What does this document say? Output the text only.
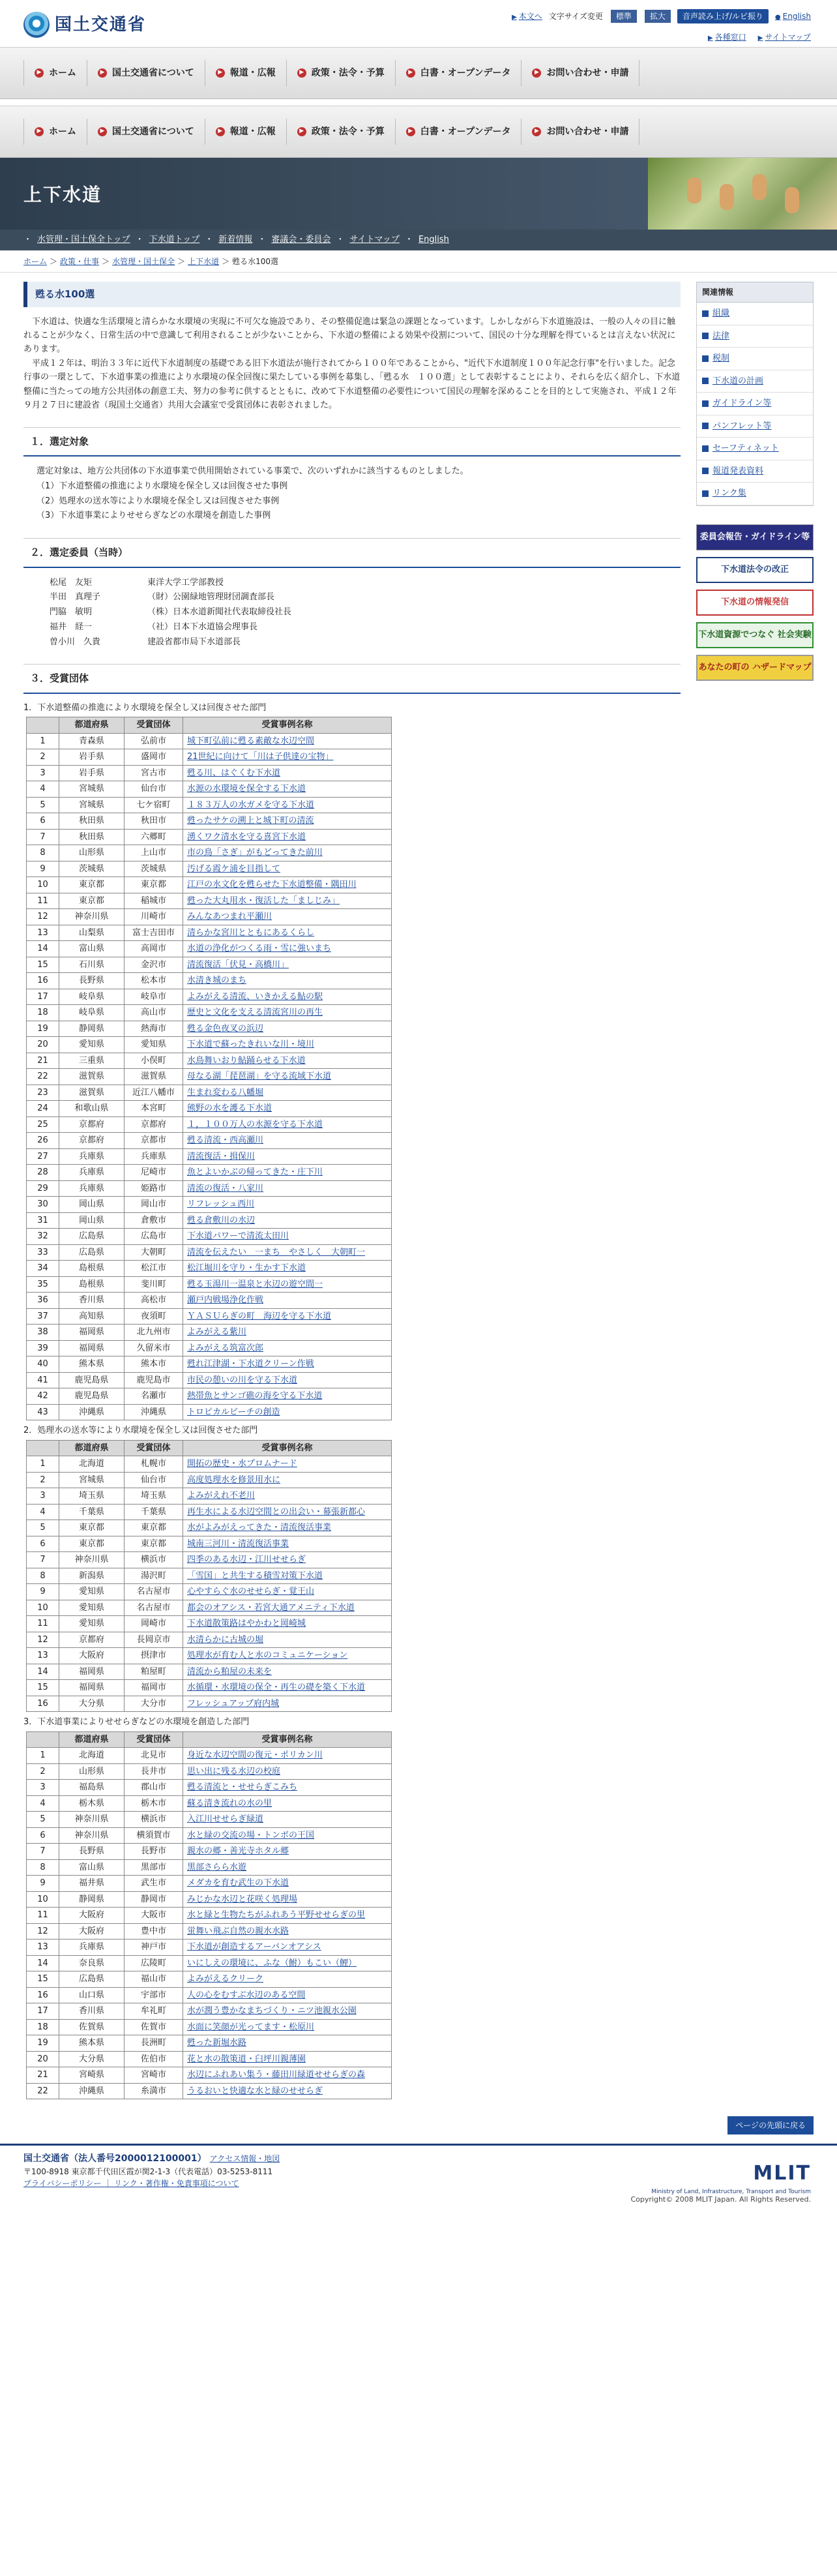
国土交通省	▶ 本文へ 文字サイズ変更	標準	拡大	音声読み上げ/ルビ振り	● English
▶ 各種窓口 ▶ サイトマップ
▶ ホーム	▶ 国土交通省について	▶ 報道・広報	▶ 政策・法令・予算	▶ 白書・オープンデータ	▶ お問い合わせ・申請
▶ ホーム	▶ 国土交通省について	▶ 報道・広報	▶ 政策・法令・予算	▶ 白書・オープンデータ	▶ お問い合わせ・申請
上下水道
・ 水管理・国土保全トップ ・ 下水道トップ ・ 新着情報 ・ 審議会・委員会 ・ サイトマップ ・ English
ホーム ＞ 政策・仕事 ＞ 水管理・国土保全 ＞ 上下水道 ＞ 甦る水100選
甦る水100選

下水道は、快適な生活環境と清らかな水環境の実現に不可欠な施設であり、その整備促進は緊急の課題となっています。しかしながら下水道施設は、一般の人々の目に触れることが少なく、日常生活の中で意識して利用されることが少ないことから、下水道の整備による効果や役割について、国民の十分な理解を得ているとは言えない状況にあります。

平成１２年は、明治３３年に近代下水道制度の基礎である旧下水道法が施行されてから１００年であることから、"近代下水道制度１００年記念行事"を行いました。記念行事の一環として、下水道事業の推進により水環境の保全回復に果たしている事例を募集し、「甦る水　１００選」として表彰することにより、それらを広く紹介し、下水道整備に当たっての地方公共団体の創意工夫、努力の参考に供するとともに、改めて下水道整備の必要性について国民の理解を深めることを目的として実施され、平成１２年９月２７日に建設省（現国土交通省）共用大会議室で受賞団体に表彰されました。

１．選定対象
選定対象は、地方公共団体の下水道事業で供用開始されている事業で、次のいずれかに該当するものとしました。
（1）下水道整備の推進により水環境を保全し又は回復させた事例
（2）処理水の送水等により水環境を保全し又は回復させた事例
（3）下水道事業によりせせらぎなどの水環境を創造した事例
２．選定委員（当時）
松尾　友矩	東洋大学工学部教授
半田　真理子	（財）公園緑地管理財団調査部長
門脇　敏明	（株）日本水道新聞社代表取締役社長
福井　経一	（社）日本下水道協会理事長
曽小川　久貴	建設省都市局下水道部長
３．受賞団体
1．下水道整備の推進により水環境を保全し又は回復させた部門
	都道府県	受賞団体	受賞事例名称
1	青森県	弘前市	城下町弘前に甦る素敵な水辺空間
2	岩手県	盛岡市	21世紀に向けて「川は子供達の宝物」
3	岩手県	宮古市	甦る川、はぐくむ下水道
4	宮城県	仙台市	水源の水環境を保全する下水道
5	宮城県	七ケ宿町	１８３万人の水ガメを守る下水道
6	秋田県	秋田市	甦ったサケの溯上と城下町の清流
7	秋田県	六郷町	湧くワク清水を守る喜宮下水道
8	山形県	上山市	市の鳥「さぎ」がもどってきた前川
9	茨城県	茨城県	汚げる霞ケ浦を目指して
10	東京都	東京都	江戸の水文化を甦らせた下水道整備・隅田川
11	東京都	稲城市	甦った大丸用水・復活した「ましじみ」
12	神奈川県	川崎市	みんなあつまれ平瀬川
13	山梨県	富士吉田市	清らかな宮川とともにあるくらし
14	富山県	高岡市	水道の浄化がつくる雨・雪に強いまち
15	石川県	金沢市	清流復活「伏見・高橋川」
16	長野県	松本市	水清き城のまち
17	岐阜県	岐阜市	よみがえる清流、いきかえる鮎の駅
18	岐阜県	高山市	歴史と文化を支える清流宮川の再生
19	静岡県	熱海市	甦る金色夜叉の浜辺
20	愛知県	愛知県	下水道で蘇ったきれいな川・境川
21	三重県	小俣町	水鳥舞いおり鮎踊らせる下水道
22	滋賀県	滋賀県	母なる湖「琵琶湖」を守る流域下水道
23	滋賀県	近江八幡市	生まれ変わる八幡堀
24	和歌山県	本宮町	熊野の水を護る下水道
25	京都府	京都府	１，１００万人の水源を守る下水道
26	京都府	京都市	甦る清流・西高瀬川
27	兵庫県	兵庫県	清流復活・揖保川
28	兵庫県	尼崎市	魚とよいかぶの帰ってきた・庄下川
29	兵庫県	姫路市	清流の復活・八家川
30	岡山県	岡山市	リフレッシュ西川
31	岡山県	倉敷市	甦る倉敷川の水辺
32	広島県	広島市	下水道パワーで清流太田川
33	広島県	大朝町	清流を伝えたい　一まち　やさしく　大朝町一
34	島根県	松江市	松江堀川を守り・生かす下水道
35	島根県	斐川町	甦る玉湯川一温泉と水辺の遊空間一
36	香川県	高松市	瀬戸内戦場浄化作戦
37	高知県	夜須町	ＹＡＳＵらぎの町　海辺を守る下水道
38	福岡県	北九州市	よみがえる紫川
39	福岡県	久留米市	よみがえる筑富次郎
40	熊本県	熊本市	甦れ江津湖・下水道クリーン作戦
41	鹿児島県	鹿児島市	市民の憩いの川を守る下水道
42	鹿児島県	名瀬市	熱帯魚とサンゴ礁の海を守る下水道
43	沖縄県	沖縄県	トロピカルビーチの創造
2．処理水の送水等により水環境を保全し又は回復させた部門
	都道府県	受賞団体	受賞事例名称
1	北海道	札幌市	開拓の歴史・水プロムナード
2	宮城県	仙台市	高度処理水を修景用水に
3	埼玉県	埼玉県	よみがえれ不老川
4	千葉県	千葉県	再生水による水辺空間との出会い・幕張新都心
5	東京都	東京都	水がよみがえってきた・清流復活事業
6	東京都	東京都	城南三河川・清流復活事業
7	神奈川県	横浜市	四季のある水辺・江川せせらぎ
8	新潟県	湯沢町	「雪国」と共生する積雪対策下水道
9	愛知県	名古屋市	心やすらぐ水のせせらぎ・覚王山
10	愛知県	名古屋市	都会のオアシス・若宮大通アメニティ下水道
11	愛知県	岡崎市	下水道散策路はやかわと岡崎城
12	京都府	長岡京市	水清らかに古城の堀
13	大阪府	摂津市	処理水が育む人と水のコミュニケーション
14	福岡県	粕屋町	清流から粕屋の未来を
15	福岡県	福岡市	水循環・水環境の保全・再生の礎を築く下水道
16	大分県	大分市	フレッシュアップ府内城
3．下水道事業によりせせらぎなどの水環境を創造した部門
	都道府県	受賞団体	受賞事例名称
1	北海道	北見市	身近な水辺空間の復元・ポリカン川
2	山形県	長井市	思い出に残る水辺の校庭
3	福島県	郡山市	甦る清流と・せせらぎこみち
4	栃木県	栃木市	蘇る清き流れの水の里
5	神奈川県	横浜市	入江川せせらぎ緑道
6	神奈川県	横須賀市	水と緑の交流の場・トンボの王国
7	長野県	長野市	親水の郷・善光寺ホタル郷
8	富山県	黒部市	黒部さらら水遊
9	福井県	武生市	メダカを育む武生の下水道
10	静岡県	静岡市	みじかな水辺と花咲く処理場
11	大阪府	大阪市	水と緑と生物たちがふれあう平野せせらぎの里
12	大阪府	豊中市	蛍舞い飛ぶ自然の親水水路
13	兵庫県	神戸市	下水道が創造するアーバンオアシス
14	奈良県	広陵町	いにしえの環境に、ふな（鮒）もこい（鯉）
15	広島県	福山市	よみがえるクリーク
16	山口県	宇部市	人の心をむすぶ水辺のある空間
17	香川県	牟礼町	水が潤う豊かなまちづくり・ニツ池親水公園
18	佐賀県	佐賀市	水面に笑顔が光ってます・松原川
19	熊本県	長洲町	甦った新堀水路
20	大分県	佐伯市	花と水の散策道・臼坪川親薄園
21	宮崎県	宮崎市	水辺にふれあい集う・藤田川緑道せせらぎの森
22	沖縄県	糸満市	うるおいと快適な水と緑のせせらぎ
関連情報
組織
法律
税制
下水道の計画
ガイドライン等
パンフレット等
セーフティネット
報道発表資料
リンク集
委員会報告・ガイドライン等
下水道法令の改正
下水道の情報発信
下水道資源でつなぐ 社会実験
あなたの町の ハザードマップ
ページの先頭に戻る
国土交通省（法人番号2000012100001）　 アクセス情報・地図
〒100-8918 東京都千代田区霞が関2-1-3（代表電話）03-5253-8111
プライバシーポリシー ｜ リンク・著作権・免責事項について	MLIT
Ministry of Land, Infrastructure, Transport and Tourism
Copyright© 2008 MLIT Japan. All Rights Reserved.
